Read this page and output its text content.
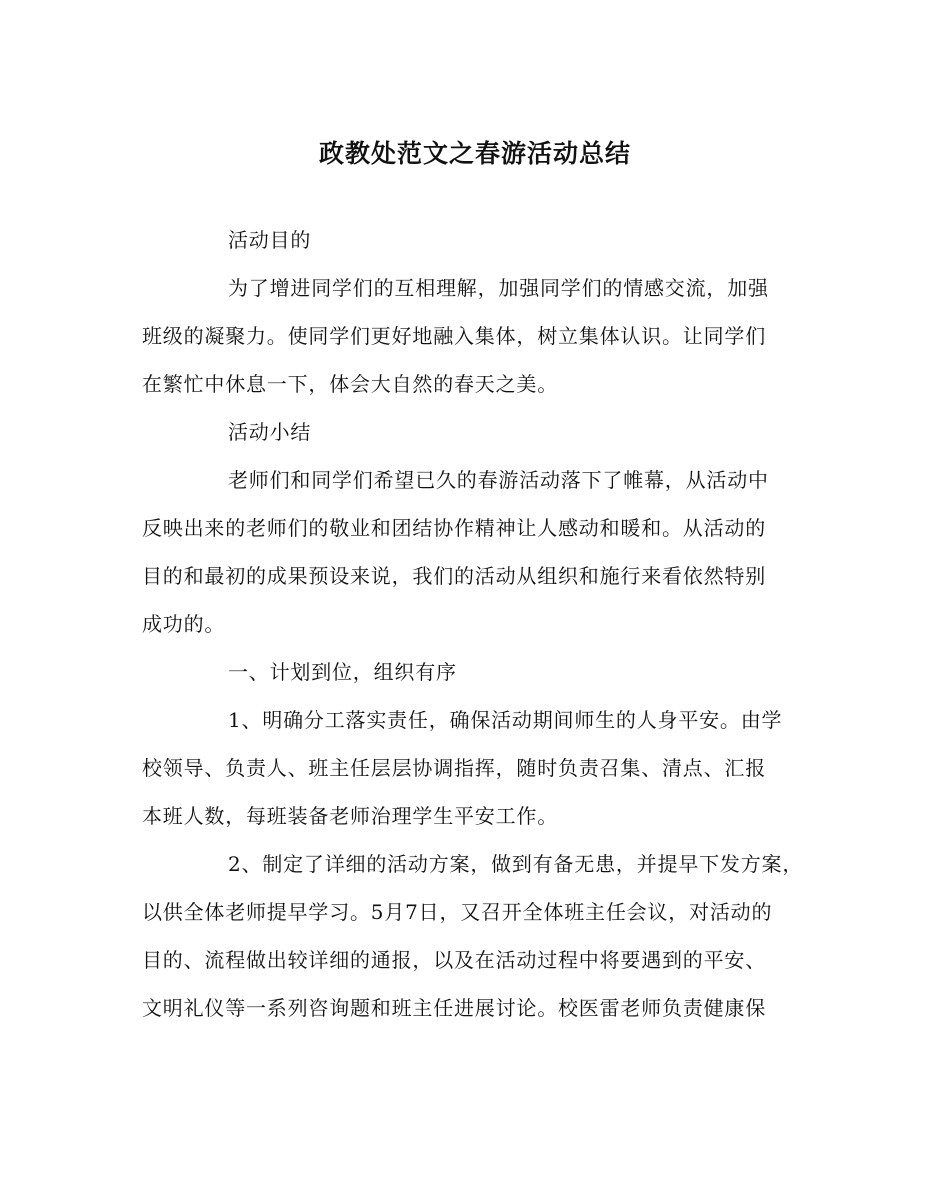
政教处范文之春游活动总结

活动目的

为了增进同学们的互相理解，加强同学们的情感交流，加强
班级的凝聚力。使同学们更好地融入集体，树立集体认识。让同学们
在繁忙中休息一下，体会大自然的春天之美。

活动小结

老师们和同学们希望已久的春游活动落下了帷幕，从活动中
反映出来的老师们的敬业和团结协作精神让人感动和暖和。从活动的
目的和最初的成果预设来说，我们的活动从组织和施行来看依然特别
成功的。

一、计划到位，组织有序

1、明确分工落实责任，确保活动期间师生的人身平安。由学
校领导、负责人、班主任层层协调指挥，随时负责召集、清点、汇报
本班人数，每班装备老师治理学生平安工作。

2、制定了详细的活动方案，做到有备无患，并提早下发方案，
以供全体老师提早学习。5月7日，又召开全体班主任会议，对活动的
目的、流程做出较详细的通报，以及在活动过程中将要遇到的平安、
文明礼仪等一系列咨询题和班主任进展讨论。校医雷老师负责健康保
